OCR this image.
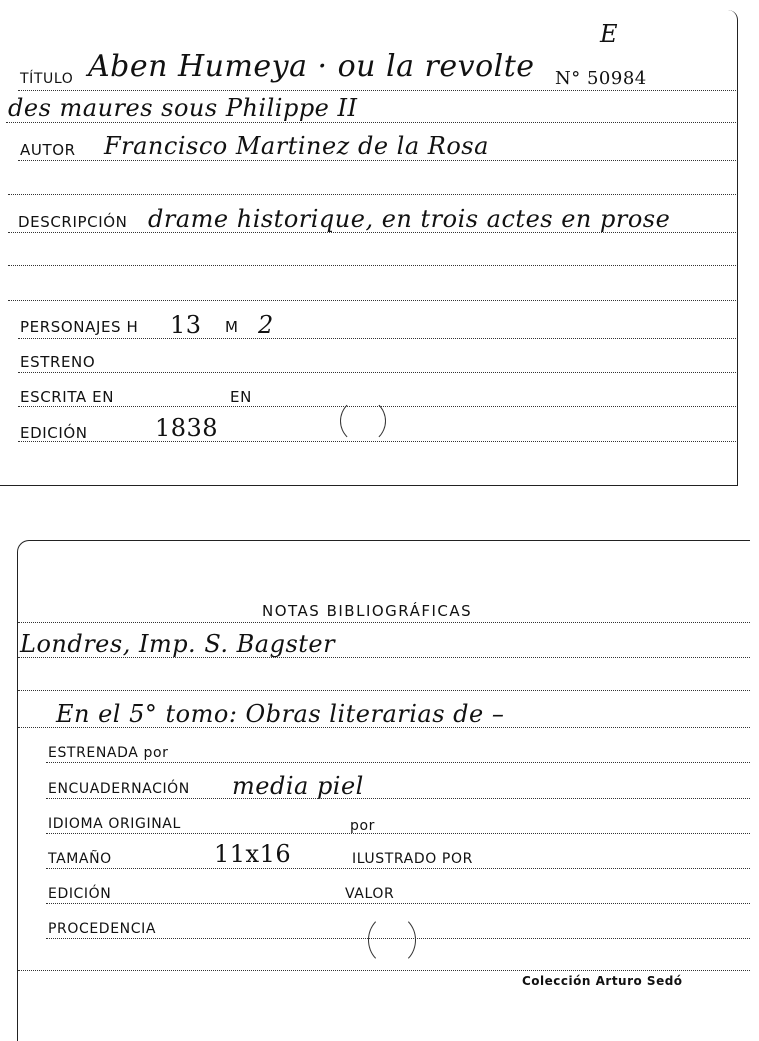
E
TÍTULO Aben Humeya · ou la revolte N° 50984
des maures sous Philippe II
AUTOR Francisco Martinez de la Rosa
DESCRIPCIÓN drame historique, en trois actes en prose
PERSONAJES H 13 M 2
ESTRENO
ESCRITA EN	EN
EDICIÓN	1838
NOTAS BIBLIOGRÁFICAS
Londres, Imp. S. Bagster
En el 5° tomo: Obras literarias de –
ESTRENADA por
ENCUADERNACIÓN media piel
IDIOMA ORIGINAL	por
TAMAÑO	11x16	ILUSTRADO POR
EDICIÓN	VALOR
PROCEDENCIA
Colección Arturo Sedó
